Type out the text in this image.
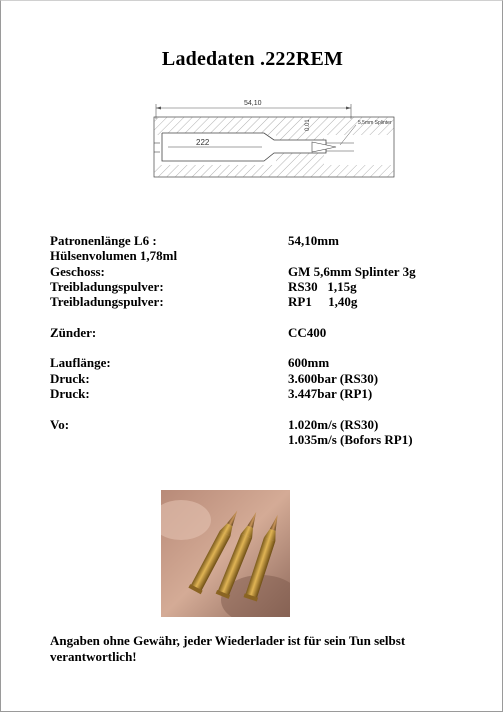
Ladedaten .222REM
54,10
222
0.01	5,5mm Splinter
Patronenlänge L6 :	54,10mm
Hülsenvolumen 1,78ml
Geschoss:	GM 5,6mm Splinter 3g
Treibladungspulver:	RS30   1,15g
Treibladungspulver:	RP1     1,40g
Zünder:	CC400
Lauflänge:	600mm
Druck:	3.600bar (RS30)
Druck:	3.447bar (RP1)
Vo:	1.020m/s (RS30)
1.035m/s (Bofors RP1)
Angaben ohne Gewähr, jeder Wiederlader ist für sein Tun selbst verantwortlich!
